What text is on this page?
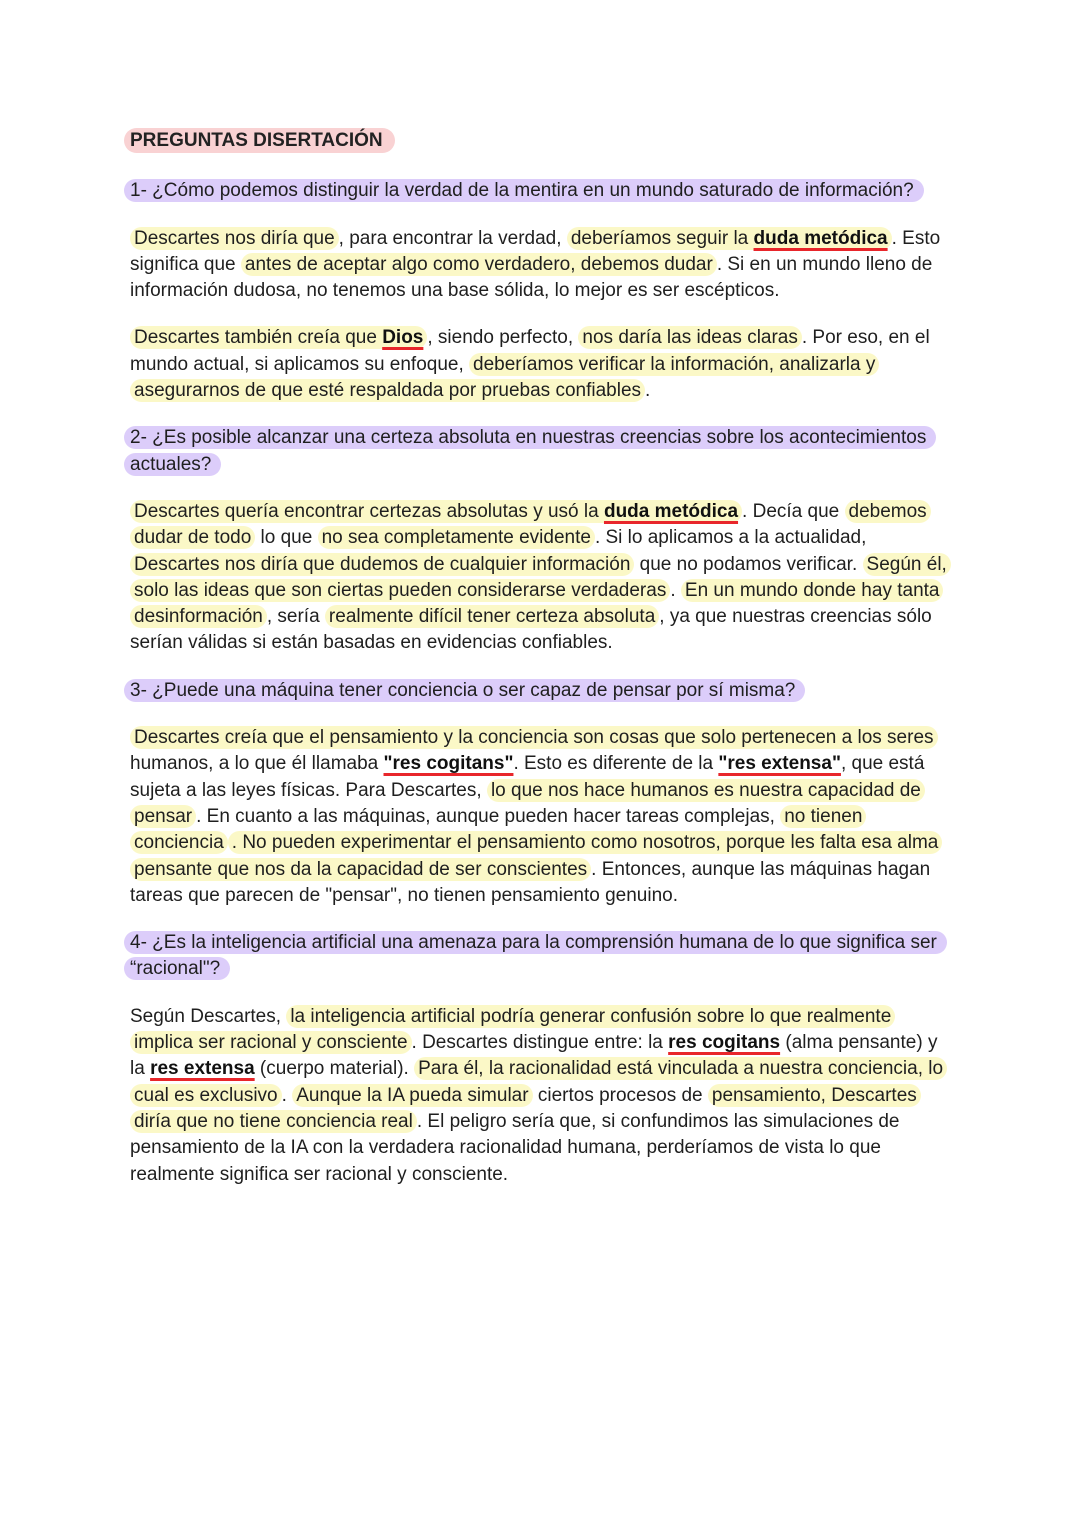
PREGUNTAS DISERTACIÓN
1- ¿Cómo podemos distinguir la verdad de la mentira en un mundo saturado de información?
Descartes nos diría que , para encontrar la verdad, deberíamos seguir la duda metódica . Esto significa que antes de aceptar algo como verdadero, debemos dudar . Si en un mundo lleno de información dudosa, no tenemos una base sólida, lo mejor es ser escépticos.
Descartes también creía que Dios , siendo perfecto, nos daría las ideas claras . Por eso, en el mundo actual, si aplicamos su enfoque, deberíamos verificar la información, analizarla y asegurarnos de que esté respaldada por pruebas confiables .
2- ¿Es posible alcanzar una certeza absoluta en nuestras creencias sobre los acontecimientos actuales?
Descartes quería encontrar certezas absolutas y usó la duda metódica . Decía que debemos dudar de todo lo que no sea completamente evidente . Si lo aplicamos a la actualidad, Descartes nos diría que dudemos de cualquier información que no podamos verificar. Según él, solo las ideas que son ciertas pueden considerarse verdaderas . En un mundo donde hay tanta desinformación , sería realmente difícil tener certeza absoluta , ya que nuestras creencias sólo serían válidas si están basadas en evidencias confiables.
3- ¿Puede una máquina tener conciencia o ser capaz de pensar por sí misma?
Descartes creía que el pensamiento y la conciencia son cosas que solo pertenecen a los seres humanos, a lo que él llamaba "res cogitans". Esto es diferente de la "res extensa", que está sujeta a las leyes físicas. Para Descartes, lo que nos hace humanos es nuestra capacidad de pensar . En cuanto a las máquinas, aunque pueden hacer tareas complejas, no tienen conciencia . No pueden experimentar el pensamiento como nosotros, porque les falta esa alma pensante que nos da la capacidad de ser conscientes . Entonces, aunque las máquinas hagan tareas que parecen de "pensar", no tienen pensamiento genuino.
4- ¿Es la inteligencia artificial una amenaza para la comprensión humana de lo que significa ser “racional"?
Según Descartes, la inteligencia artificial podría generar confusión sobre lo que realmente implica ser racional y consciente . Descartes distingue entre: la res cogitans (alma pensante) y la res extensa (cuerpo material). Para él, la racionalidad está vinculada a nuestra conciencia, lo cual es exclusivo . Aunque la IA pueda simular ciertos procesos de pensamiento, Descartes diría que no tiene conciencia real . El peligro sería que, si confundimos las simulaciones de pensamiento de la IA con la verdadera racionalidad humana, perderíamos de vista lo que realmente significa ser racional y consciente.
